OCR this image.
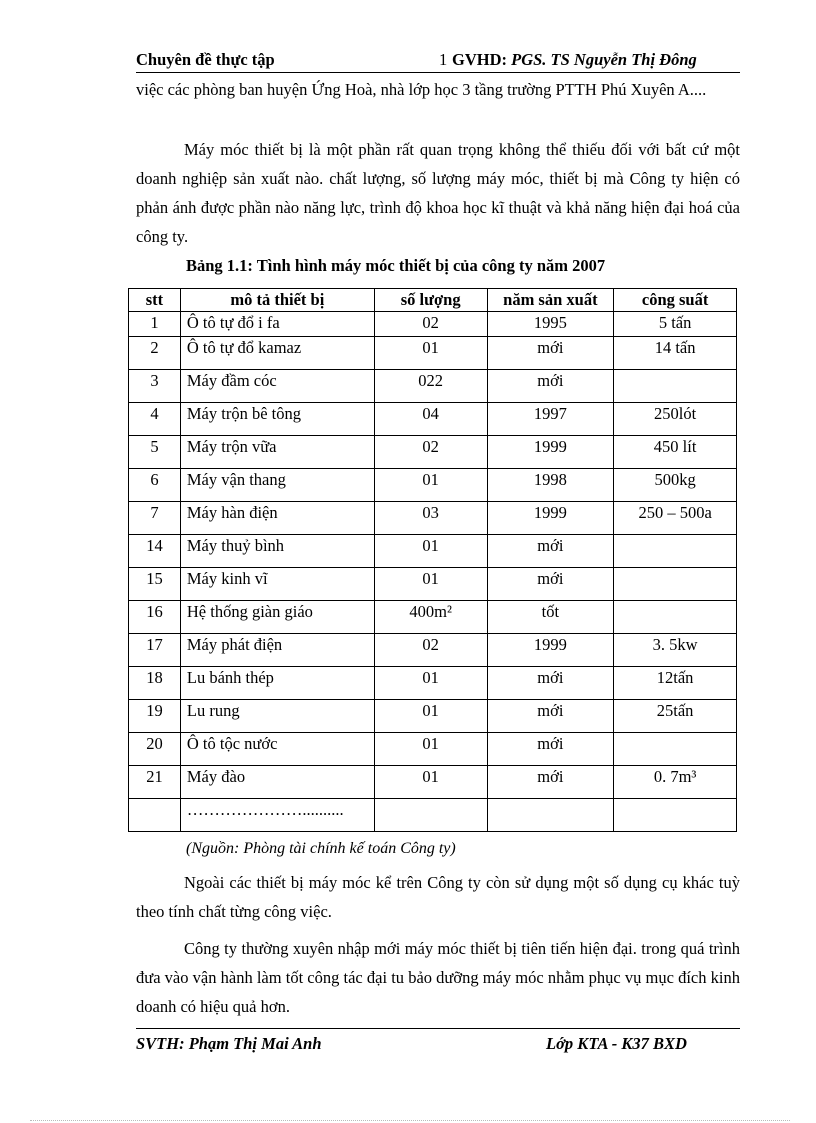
Chuyên đề thực tập	1 GVHD: PGS. TS Nguyễn Thị Đông
việc các phòng ban huyện Ứng Hoà, nhà lớp học 3 tầng trường PTTH Phú Xuyên A....
Máy móc thiết bị là một phần rất quan trọng không thể thiếu đối với bất cứ một doanh nghiệp sản xuất nào. chất lượng, số lượng máy móc, thiết bị mà Công ty hiện có phản ánh được phần nào năng lực, trình độ khoa học kĩ thuật và khả năng hiện đại hoá của công ty.
Bảng 1.1: Tình hình máy móc thiết bị của công ty năm 2007
stt	mô tả thiết bị	số lượng	năm sản xuất	công suất
1	Ô tô tự đổ i fa	02	1995	5 tấn
2	Ô tô tự đổ kamaz	01	mới	14 tấn
3	Máy đầm cóc	022	mới	
4	Máy trộn bê tông	04	1997	250lót
5	Máy trộn vữa	02	1999	450 lít
6	Máy vận thang	01	1998	500kg
7	Máy hàn điện	03	1999	250 – 500a
14	Máy thuỷ bình	01	mới	
15	Máy kinh vĩ	01	mới	
16	Hệ thống giàn giáo	400m²	tốt	
17	Máy phát điện	02	1999	3. 5kw
18	Lu bánh thép	01	mới	12tấn
19	Lu rung	01	mới	25tấn
20	Ô tô tộc nước	01	mới	
21	Máy đào	01	mới	0. 7m³
	…………………..........			
(Nguồn: Phòng tài chính kế toán Công ty)
Ngoài các thiết bị máy móc kể trên Công ty còn sử dụng một số dụng cụ khác tuỳ theo tính chất từng công việc.
Công ty thường xuyên nhập mới máy móc thiết bị tiên tiến hiện đại. trong quá trình đưa vào vận hành làm tốt công tác đại tu bảo dưỡng máy móc nhằm phục vụ mục đích kinh doanh có hiệu quả hơn.
SVTH: Phạm Thị Mai Anh	Lớp KTA - K37 BXD
